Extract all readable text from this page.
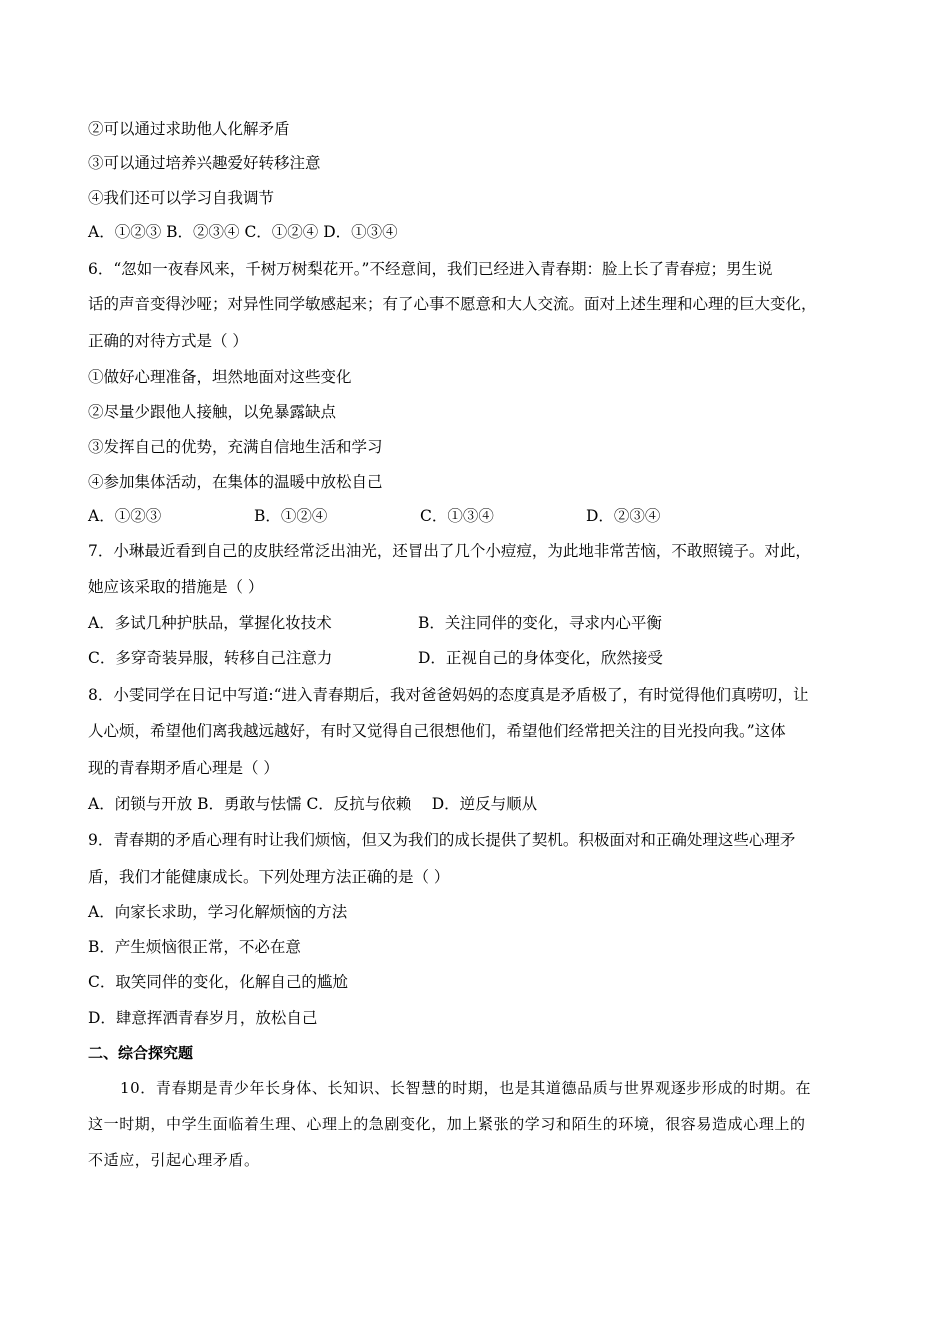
②可以通过求助他人化解矛盾
③可以通过培养兴趣爱好转移注意
④我们还可以学习自我调节
A．①②③ B．②③④ C．①②④ D．①③④
6．“忽如一夜春风来，千树万树梨花开。”不经意间，我们已经进入青春期：脸上长了青春痘；男生说
话的声音变得沙哑；对异性同学敏感起来；有了心事不愿意和大人交流。面对上述生理和心理的巨大变化，
正确的对待方式是（ ）
①做好心理准备，坦然地面对这些变化
②尽量少跟他人接触，以免暴露缺点
③发挥自己的优势，充满自信地生活和学习
④参加集体活动，在集体的温暖中放松自己
A．①②③	B．①②④	C．①③④	D．②③④
7．小琳最近看到自己的皮肤经常泛出油光，还冒出了几个小痘痘，为此地非常苦恼，不敢照镜子。对此，
她应该采取的措施是（ ）
A．多试几种护肤品，掌握化妆技术	B．关注同伴的变化，寻求内心平衡
C．多穿奇装异服，转移自己注意力	D．正视自己的身体变化，欣然接受
8．小雯同学在日记中写道:“进入青春期后，我对爸爸妈妈的态度真是矛盾极了，有时觉得他们真唠叨，让
人心烦，希望他们离我越远越好，有时又觉得自己很想他们，希望他们经常把关注的目光投向我。”这体
现的青春期矛盾心理是（ ）
A．闭锁与开放 B．勇敢与怯懦 C．反抗与依赖　 D．逆反与顺从
9．青春期的矛盾心理有时让我们烦恼，但又为我们的成长提供了契机。积极面对和正确处理这些心理矛
盾，我们才能健康成长。下列处理方法正确的是（ ）
A．向家长求助，学习化解烦恼的方法
B．产生烦恼很正常，不必在意
C．取笑同伴的变化，化解自己的尴尬
D．肆意挥洒青春岁月，放松自己
二、综合探究题
10．青春期是青少年长身体、长知识、长智慧的时期，也是其道德品质与世界观逐步形成的时期。在
这一时期，中学生面临着生理、心理上的急剧变化，加上紧张的学习和陌生的环境，很容易造成心理上的
不适应，引起心理矛盾。
